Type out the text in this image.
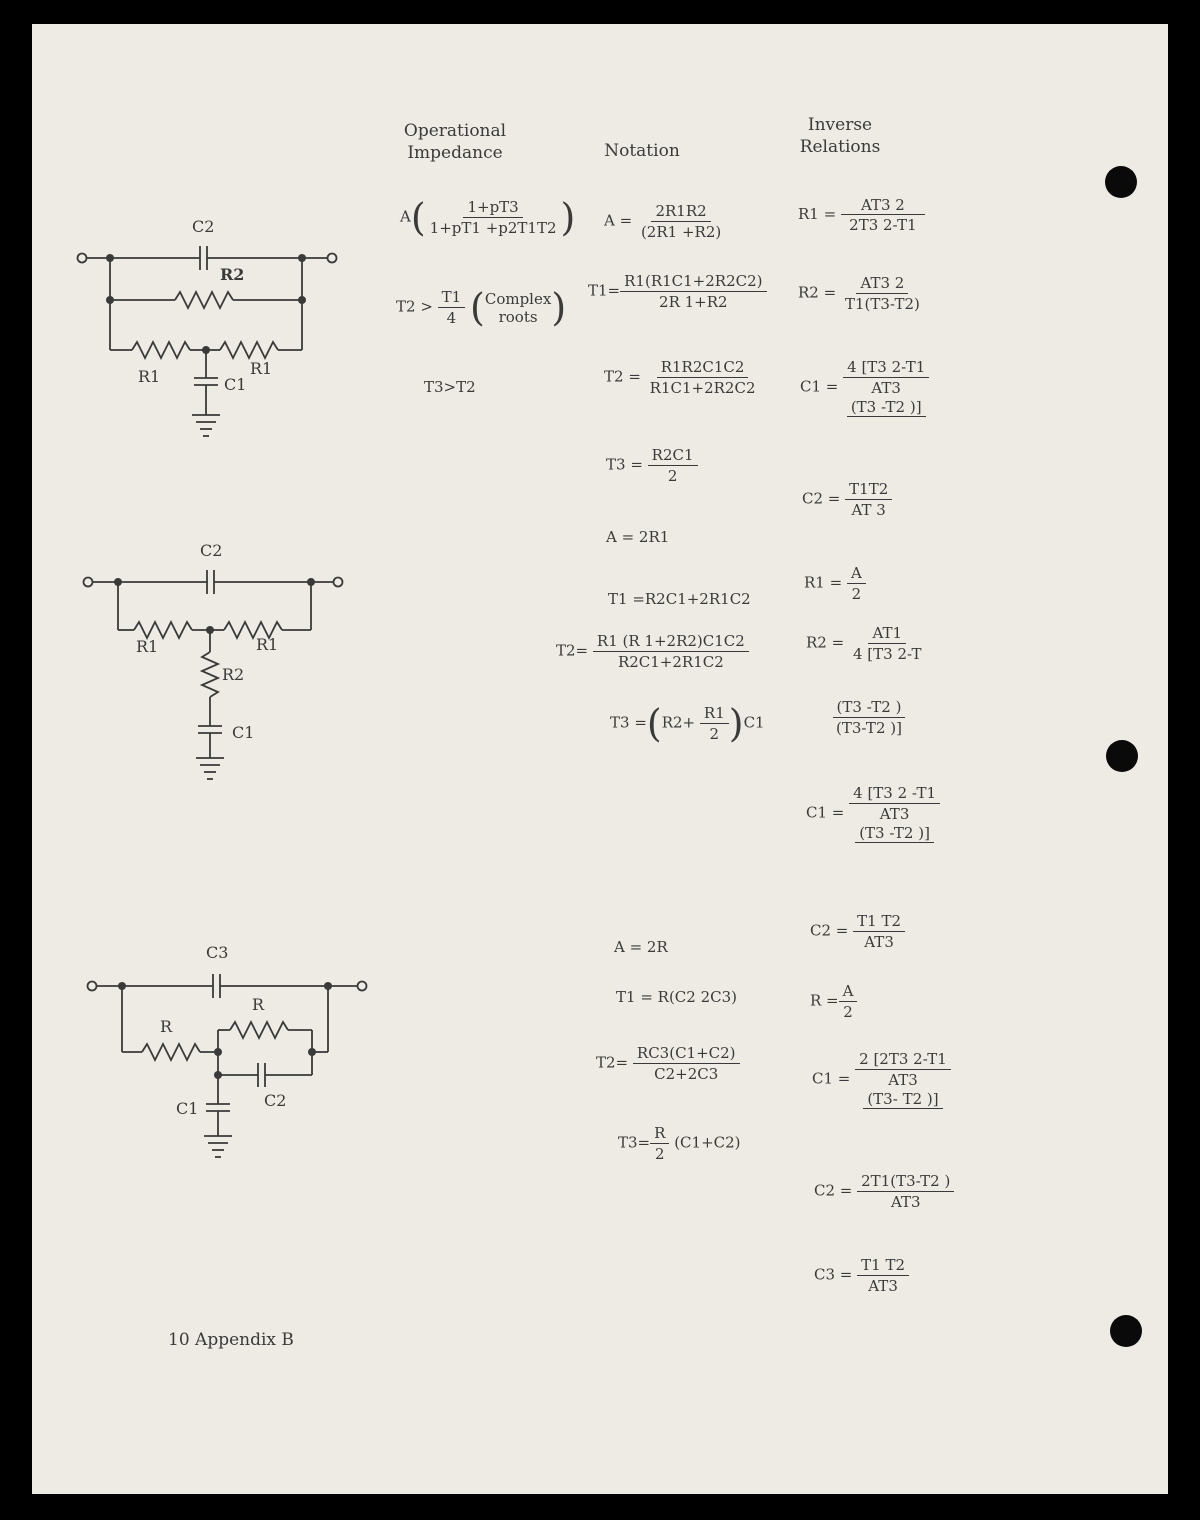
Operational
Impedance	Notation
Inverse
Relations
C2
R2
R1	C1
R1
C2
R1	R1
R2
C1
C3
R
R
C1	C2
$A( \frac{1+pT3}{1+pT1 +p2T1T2}$ )
$T2 > \frac{T1}{4}$ (Complex
roots )
T3>T2
$A = \frac{2R1R2}{(2R1 +R2)}$
$T1= \frac{R1(R1C1+2R2C2)}{2R 1+R2}$
$T2 = \frac{R1R2C1C2}{R1C1+2R2C2}$
$T3 = \frac{R2C1}{2}$
A = 2R1
T1 =R2C1+2R1C2
$T2= \frac{R1 (R 1+2R2)C1C2}{R2C1+2R1C2}$
$T3 =(R2+ \frac{R1}{2} )C1$
A = 2R
T1 = R(C2 2C3)
$T2= \frac{RC3(C1+C2)}{C2+2C3}$
$T3= \frac{R}{2} (C1+C2)$
$R1 = \frac{AT3 2}{2T3 2-T1}$
$R2 = \frac{AT3 2}{T1(T3-T2)}$
C1 =
4 [T3 2-T1
AT3
(T3 -T2 )]
$C2 = \frac{T1T2}{AT 3}$
$R1 = \frac{A}{2}$
$R2 = \frac{AT1}{4 [T3 2-T}$
$\frac{(T3 -T2 )}{(T3-T2 )]}$
C1 =
4 [T3 2 -T1
AT3
(T3 -T2 )]
$C2 = \frac{T1 T2}{AT3}$
$R = \frac{A}{2}$
C1 =
2 [2T3 2-T1
AT3
(T3- T2 )]
$C2 = \frac{2T1(T3-T2 )}{AT3}$
$C3 = \frac{T1 T2}{AT3}$
10 Appendix B
